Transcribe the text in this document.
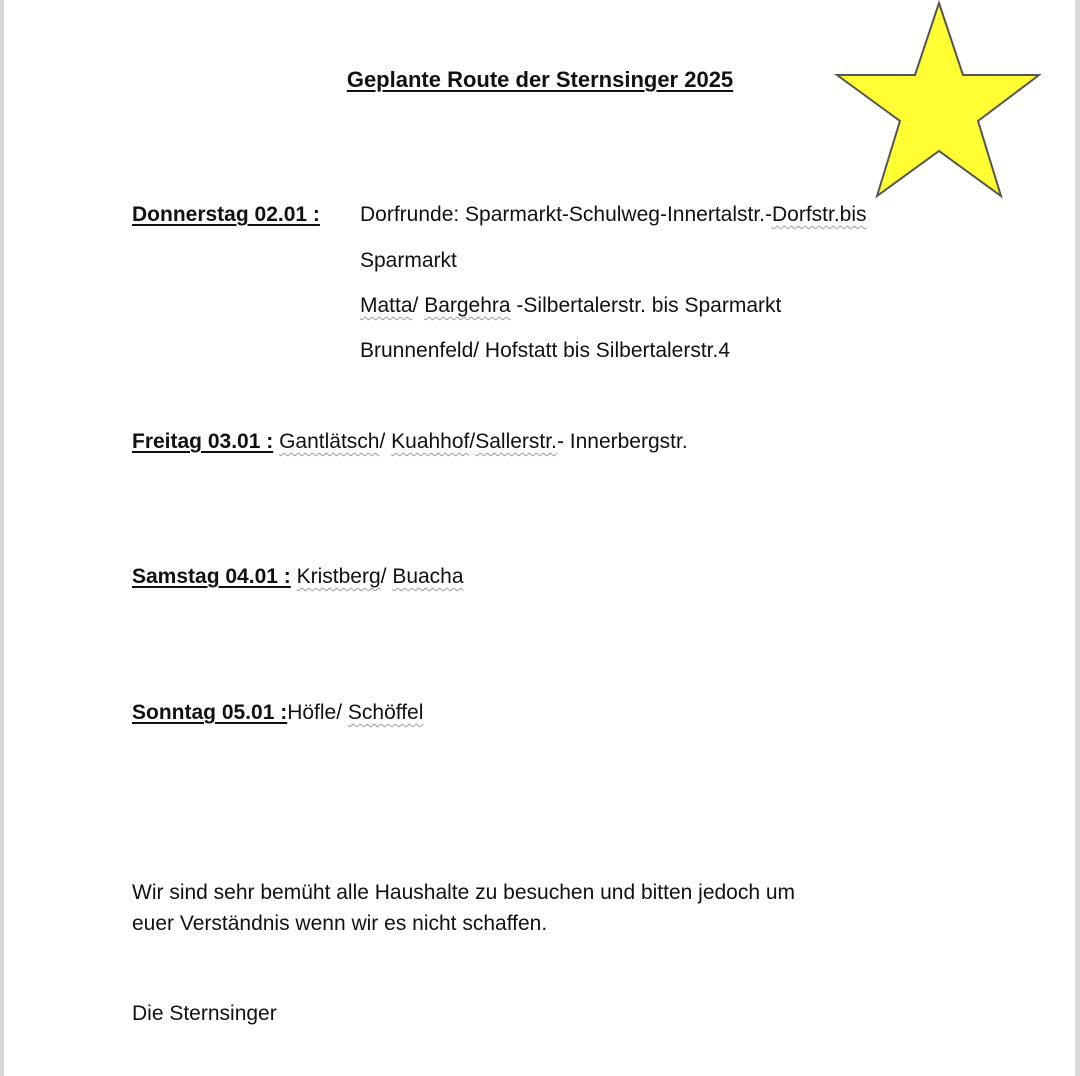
Geplante Route der Sternsinger 2025
Donnerstag 02.01 : Dorfrunde: Sparmarkt-Schulweg-Innertalstr.-Dorfstr.bis
Sparmarkt
Matta/ Bargehra -Silbertalerstr. bis Sparmarkt
Brunnenfeld/ Hofstatt bis Silbertalerstr.4
Freitag 03.01 : Gantlätsch/ Kuahhof/Sallerstr.- Innerbergstr.
Samstag 04.01 : Kristberg/ Buacha
Sonntag 05.01 :Höfle/ Schöffel
Wir sind sehr bemüht alle Haushalte zu besuchen und bitten jedoch um
euer Verständnis wenn wir es nicht schaffen.
Die Sternsinger
